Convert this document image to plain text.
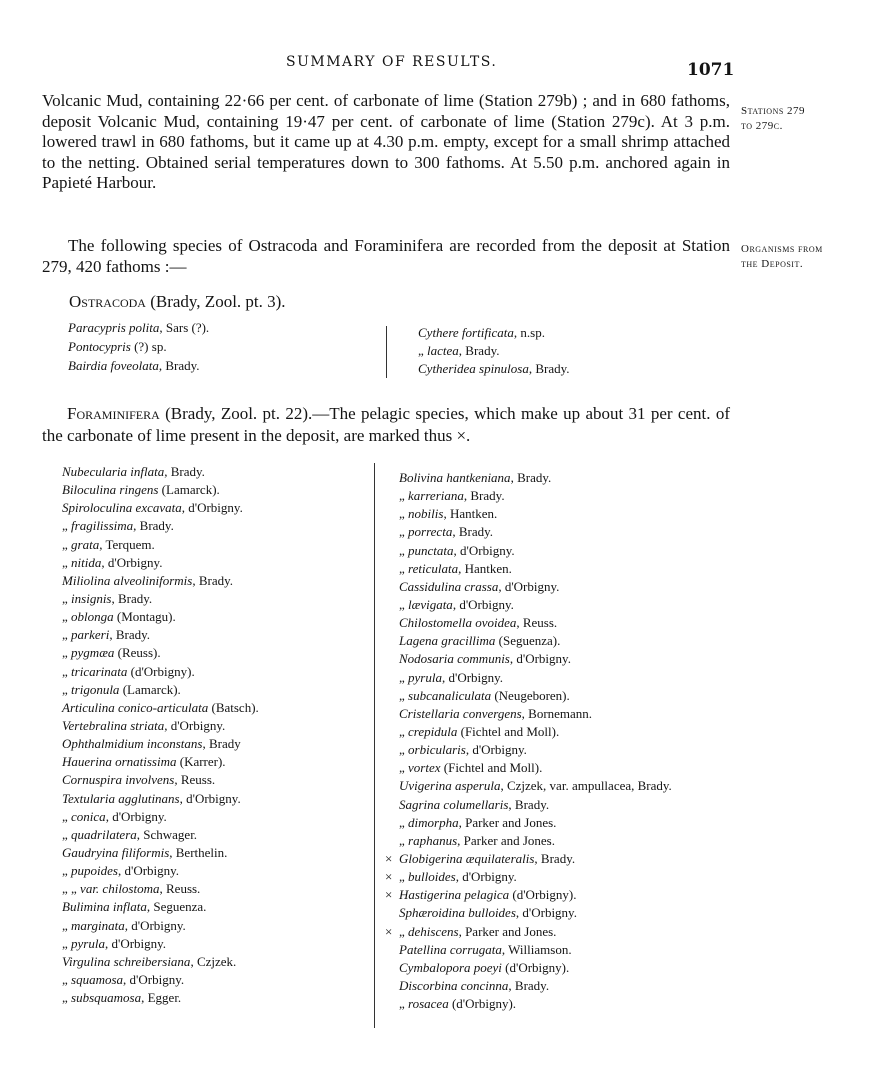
SUMMARY OF RESULTS.	1071

Volcanic Mud, containing 22·66 per cent. of carbonate of lime (Station 279b) ; and in 680 fathoms, deposit Volcanic Mud, containing 19·47 per cent. of carbonate of lime (Station 279c). At 3 p.m. lowered trawl in 680 fathoms, but it came up at 4.30 p.m. empty, except for a small shrimp attached to the netting. Obtained serial temperatures down to 300 fathoms. At 5.50 p.m. anchored again in Papieté Harbour.

Stations 279
to 279c.

The following species of Ostracoda and Foraminifera are recorded from the deposit at Station 279, 420 fathoms :—

Organisms from
the Deposit.

Ostracoda (Brady, Zool. pt. 3).

Paracypris polita, Sars (?).
Pontocypris (?) sp.
Bairdia foveolata, Brady.
Cythere fortificata, n.sp.
„ lactea, Brady.
Cytheridea spinulosa, Brady.

Foraminifera (Brady, Zool. pt. 22).—The pelagic species, which make up about 31 per cent. of the carbonate of lime present in the deposit, are marked thus ×.

Nubecularia inflata, Brady.
Biloculina ringens (Lamarck).
Spiroloculina excavata, d'Orbigny.
„ fragilissima, Brady.
„ grata, Terquem.
„ nitida, d'Orbigny.
Miliolina alveoliniformis, Brady.
„ insignis, Brady.
„ oblonga (Montagu).
„ parkeri, Brady.
„ pygmæa (Reuss).
„ tricarinata (d'Orbigny).
„ trigonula (Lamarck).
Articulina conico-articulata (Batsch).
Vertebralina striata, d'Orbigny.
Ophthalmidium inconstans, Brady
Hauerina ornatissima (Karrer).
Cornuspira involvens, Reuss.
Textularia agglutinans, d'Orbigny.
„ conica, d'Orbigny.
„ quadrilatera, Schwager.
Gaudryina filiformis, Berthelin.
„ pupoides, d'Orbigny.
„ „ var. chilostoma, Reuss.
Bulimina inflata, Seguenza.
„ marginata, d'Orbigny.
„ pyrula, d'Orbigny.
Virgulina schreibersiana, Czjzek.
„ squamosa, d'Orbigny.
„ subsquamosa, Egger.
Bolivina hantkeniana, Brady.
„ karreriana, Brady.
„ nobilis, Hantken.
„ porrecta, Brady.
„ punctata, d'Orbigny.
„ reticulata, Hantken.
Cassidulina crassa, d'Orbigny.
„ lævigata, d'Orbigny.
Chilostomella ovoidea, Reuss.
Lagena gracillima (Seguenza).
Nodosaria communis, d'Orbigny.
„ pyrula, d'Orbigny.
„ subcanaliculata (Neugeboren).
Cristellaria convergens, Bornemann.
„ crepidula (Fichtel and Moll).
„ orbicularis, d'Orbigny.
„ vortex (Fichtel and Moll).
Uvigerina asperula, Czjzek, var. ampullacea, Brady.
Sagrina columellaris, Brady.
„ dimorpha, Parker and Jones.
„ raphanus, Parker and Jones.
× Globigerina æquilateralis, Brady.
× „ bulloides, d'Orbigny.
× Hastigerina pelagica (d'Orbigny).
Sphæroidina bulloides, d'Orbigny.
× „ dehiscens, Parker and Jones.
Patellina corrugata, Williamson.
Cymbalopora poeyi (d'Orbigny).
Discorbina concinna, Brady.
„ rosacea (d'Orbigny).
